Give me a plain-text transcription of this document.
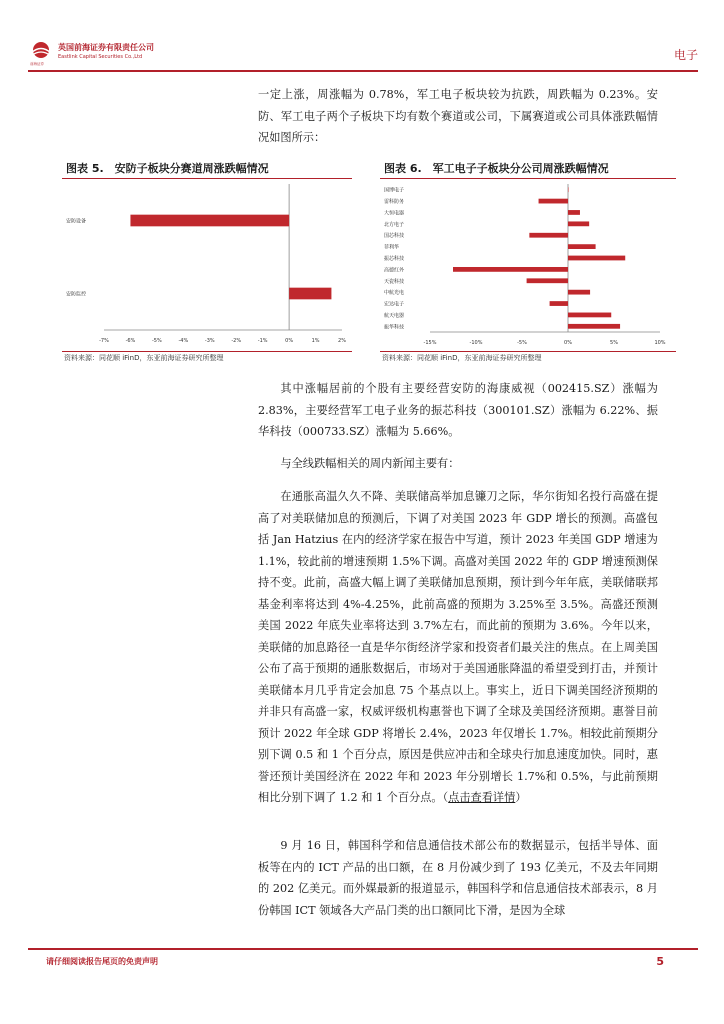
英国前海证券有限责任公司
Eastlink Capital Securities Co.,Ltd
前海证券
电子

一定上涨，周涨幅为 0.78%，军工电子板块较为抗跌，周跌幅为 0.23%。安防、军工电子两个子板块下均有数个赛道或公司，下属赛道或公司具体涨跌幅情况如图所示：

图表 5.　安防子板块分赛道周涨跌幅情况
安防设备
安防监控
-7%	-6%	-5%	-4%	-3%	-2%	-1%	0%	1%	2%
资料来源：同花顺 iFinD，东亚前海证券研究所整理
图表 6.　军工电子子板块分公司周涨跌幅情况
国博电子
雷科防务
大恒电器
北方电子
国芯科技
菲利华
振芯科技
高德红外
天瓷科技
中航光电
宏达电子
航天电器
振华科技
-15%	-10%	-5%	0%	5%	10%
资料来源：同花顺 iFinD，东亚前海证券研究所整理

其中涨幅居前的个股有主要经营安防的海康威视（002415.SZ）涨幅为 2.83%，主要经营军工电子业务的振芯科技（300101.SZ）涨幅为 6.22%、振华科技（000733.SZ）涨幅为 5.66%。

与全线跌幅相关的周内新闻主要有：

在通胀高温久久不降、美联储高举加息镰刀之际，华尔街知名投行高盛在提高了对美联储加息的预测后，下调了对美国 2023 年 GDP 增长的预测。高盛包括 Jan Hatzius 在内的经济学家在报告中写道，预计 2023 年美国 GDP 增速为 1.1%，较此前的增速预期 1.5%下调。高盛对美国 2022 年的 GDP 增速预测保持不变。此前，高盛大幅上调了美联储加息预期，预计到今年年底，美联储联邦基金利率将达到 4%-4.25%，此前高盛的预期为 3.25%至 3.5%。高盛还预测美国 2022 年底失业率将达到 3.7%左右，而此前的预期为 3.6%。今年以来，美联储的加息路径一直是华尔街经济学家和投资者们最关注的焦点。在上周美国公布了高于预期的通胀数据后，市场对于美国通胀降温的希望受到打击，并预计美联储本月几乎肯定会加息 75 个基点以上。事实上，近日下调美国经济预期的并非只有高盛一家，权威评级机构惠誉也下调了全球及美国经济预期。惠誉目前预计 2022 年全球 GDP 将增长 2.4%，2023 年仅增长 1.7%。相较此前预期分别下调 0.5 和 1 个百分点，原因是供应冲击和全球央行加息速度加快。同时，惠誉还预计美国经济在 2022 年和 2023 年分别增长 1.7%和 0.5%，与此前预期相比分别下调了 1.2 和 1 个百分点。（点击查看详情）

9 月 16 日，韩国科学和信息通信技术部公布的数据显示，包括半导体、面板等在内的 ICT 产品的出口额，在 8 月份减少到了 193 亿美元，不及去年同期的 202 亿美元。而外媒最新的报道显示，韩国科学和信息通信技术部表示，8 月份韩国 ICT 领域各大产品门类的出口额同比下滑，是因为全球

请仔细阅读报告尾页的免责声明	5
